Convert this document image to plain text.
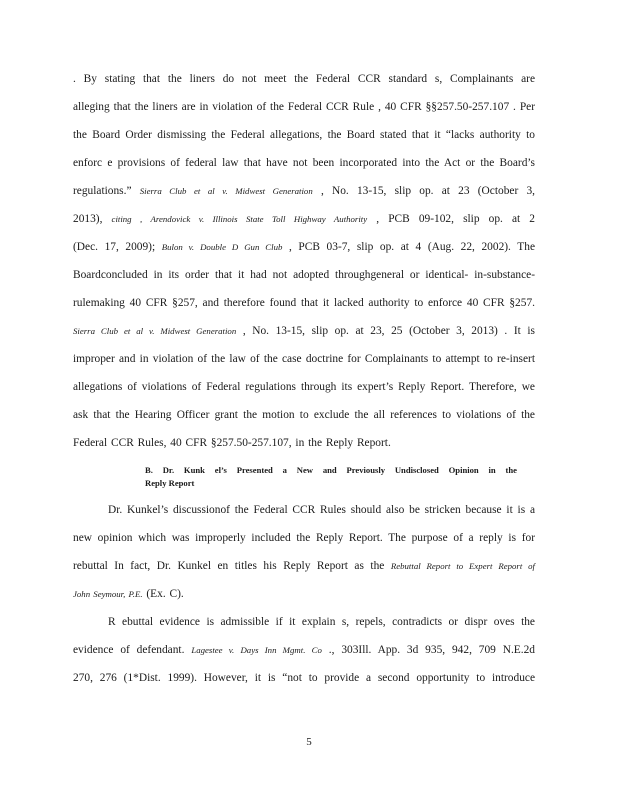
. By stating that the liners do not meet the Federal CCR standard s, Complainants are
alleging that the liners are in violation of the Federal CCR Rule , 40 CFR §§257.50-257.107 . Per
the Board Order dismissing the Federal allegations, the Board stated that it “lacks authority to
enforc e provisions of federal law that have not been incorporated into the Act or the Board’s
regulations.” Sierra Club et al v. Midwest Generation , No. 13-15, slip op. at 23 (October 3,
2013), citing , Arendovick v. Illinois State Toll Highway Authority , PCB 09-102, slip op. at 2
(Dec. 17, 2009); Bulon v. Double D Gun Club , PCB 03-7, slip op. at 4 (Aug. 22, 2002). The
Boardconcluded in its order that it had not adopted throughgeneral or identical- in-substance-
rulemaking 40 CFR §257, and therefore found that it lacked authority to enforce 40 CFR §257.
Sierra Club et al v. Midwest Generation , No. 13-15, slip op. at 23, 25 (October 3, 2013) . It is
improper and in violation of the law of the case doctrine for Complainants to attempt to re-insert
allegations of violations of Federal regulations through its expert’s Reply Report. Therefore, we
ask that the Hearing Officer grant the motion to exclude the all references to violations of the
Federal CCR Rules, 40 CFR §257.50-257.107, in the Reply Report.
B. Dr. Kunk el’s Presented a New and Previously Undisclosed Opinion in the
Reply Report
Dr. Kunkel’s discussionof the Federal CCR Rules should also be stricken because it is a
new opinion which was improperly included the Reply Report. The purpose of a reply is for
rebuttal In fact, Dr. Kunkel en titles his Reply Report as the Rebuttal Report to Expert Report of
John Seymour, P.E. (Ex. C).
R ebuttal evidence is admissible if it explain s, repels, contradicts or dispr oves the
evidence of defendant. Lagestee v. Days Inn Mgmt. Co ., 303Ill. App. 3d 935, 942, 709 N.E.2d
270, 276 (1*Dist. 1999). However, it is “not to provide a second opportunity to introduce
5
